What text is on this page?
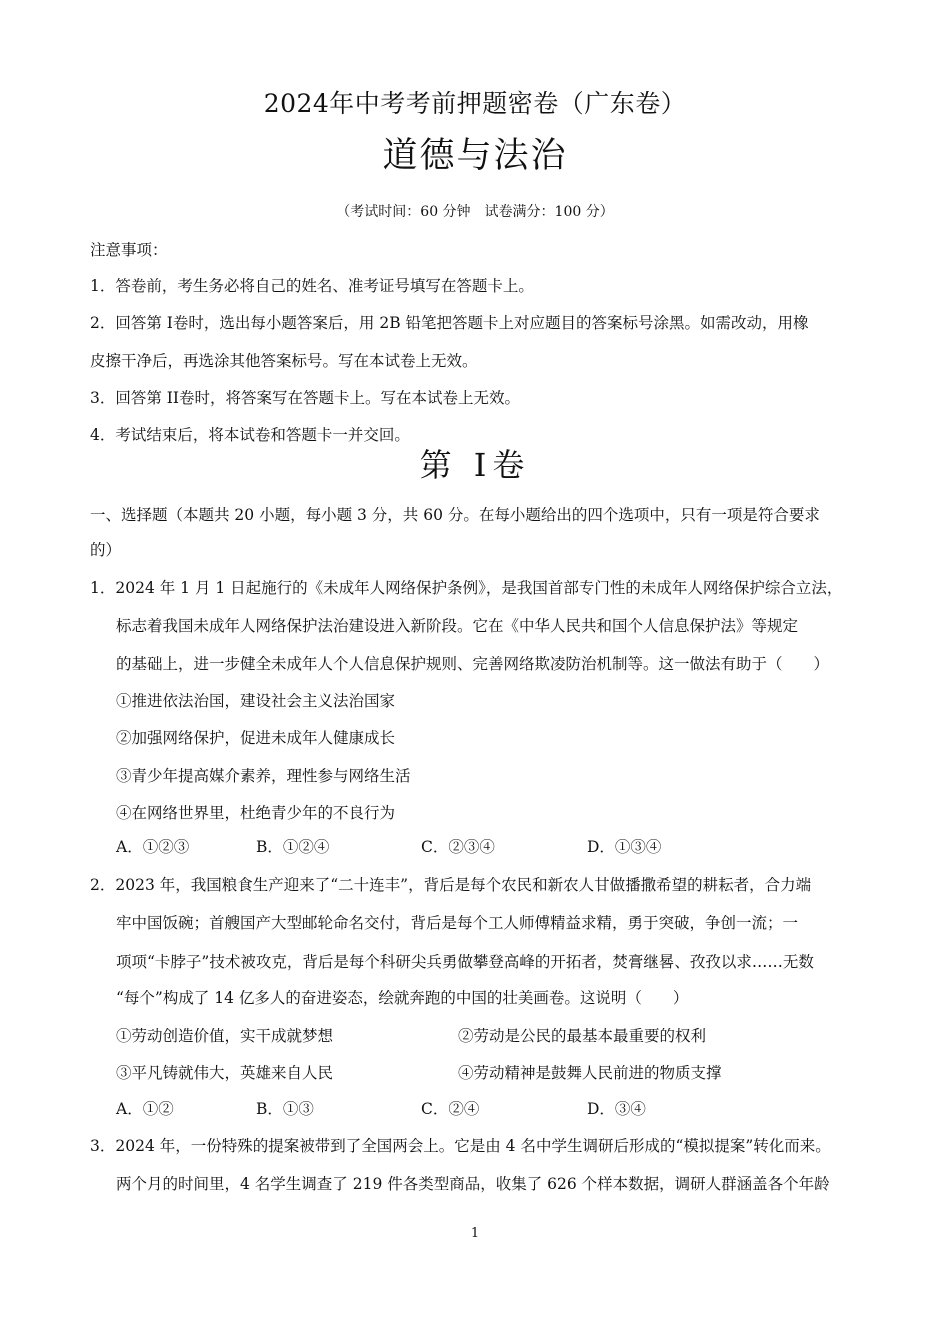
2024年中考考前押题密卷（广东卷）
道德与法治
（考试时间：60 分钟　试卷满分：100 分）
注意事项：
1．答卷前，考生务必将自己的姓名、准考证号填写在答题卡上。
2．回答第 I卷时，选出每小题答案后，用 2B 铅笔把答题卡上对应题目的答案标号涂黑。如需改动，用橡
皮擦干净后，再选涂其他答案标号。写在本试卷上无效。
3．回答第 II卷时，将答案写在答题卡上。写在本试卷上无效。
4．考试结束后，将本试卷和答题卡一并交回。
第 I卷
一、选择题（本题共 20 小题，每小题 3 分，共 60 分。在每小题给出的四个选项中，只有一项是符合要求
的）
1．2024 年 1 月 1 日起施行的《未成年人网络保护条例》，是我国首部专门性的未成年人网络保护综合立法，
标志着我国未成年人网络保护法治建设进入新阶段。它在《中华人民共和国个人信息保护法》等规定
的基础上，进一步健全未成年人个人信息保护规则、完善网络欺凌防治机制等。这一做法有助于（　　）
①推进依法治国，建设社会主义法治国家
②加强网络保护，促进未成年人健康成长
③青少年提高媒介素养，理性参与网络生活
④在网络世界里，杜绝青少年的不良行为
A．①②③	B．①②④	C．②③④	D．①③④
2．2023 年，我国粮食生产迎来了“二十连丰”，背后是每个农民和新农人甘做播撒希望的耕耘者，合力端
牢中国饭碗；首艘国产大型邮轮命名交付，背后是每个工人师傅精益求精，勇于突破，争创一流；一
项项“卡脖子”技术被攻克，背后是每个科研尖兵勇做攀登高峰的开拓者，焚膏继晷、孜孜以求……无数
“每个”构成了 14 亿多人的奋进姿态，绘就奔跑的中国的壮美画卷。这说明（　　）
①劳动创造价值，实干成就梦想	②劳动是公民的最基本最重要的权利
③平凡铸就伟大，英雄来自人民	④劳动精神是鼓舞人民前进的物质支撑
A．①②	B．①③	C．②④	D．③④
3．2024 年，一份特殊的提案被带到了全国两会上。它是由 4 名中学生调研后形成的“模拟提案”转化而来。
两个月的时间里，4 名学生调查了 219 件各类型商品，收集了 626 个样本数据，调研人群涵盖各个年龄
1
